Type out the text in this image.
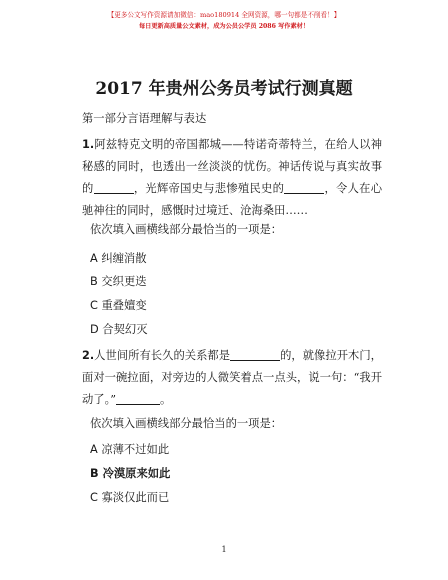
【更多公文写作资源请加微信：mao180914 全网资源，哪一句都是不削看！】
每日更新高质量公文素材，成为公员公学员 2086 写作素材！
2017 年贵州公务员考试行测真题
第一部分言语理解与表达
1.阿兹特克文明的帝国都城——特诺奇蒂特兰，在给人以神秘感的同时，也透出一丝淡淡的忧伤。神话传说与真实故事的	，光辉帝国史与悲惨殖民史的	，令人在心驰神往的同时，感慨时过境迁、沧海桑田……
依次填入画横线部分最恰当的一项是：
A 纠缠消散
B 交织更迭
C 重叠嬗变
D 合契幻灭
2.人世间所有长久的关系都是	的，就像拉开木门，面对一碗拉面，对旁边的人微笑着点一点头，说一句：“我开动了。”	。
依次填入画横线部分最恰当的一项是：
A 凉薄不过如此
B 冷漠原来如此
C 寡淡仅此而已
1
